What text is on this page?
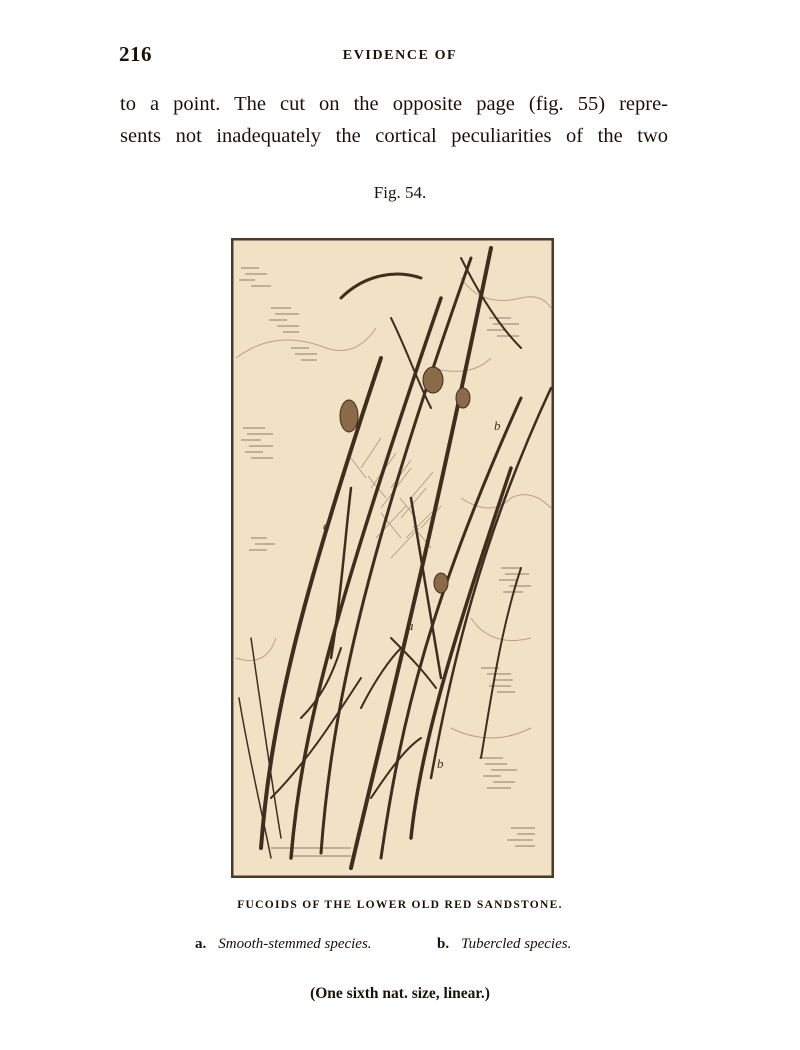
216	EVIDENCE OF
to a point. The cut on the opposite page (fig. 55) repre-
sents not inadequately the cortical peculiarities of the two
Fig. 54.
a
a
b
b
FUCOIDS OF THE LOWER OLD RED SANDSTONE.
a. Smooth-stemmed species.	b. Tubercled species.
(One sixth nat. size, linear.)
